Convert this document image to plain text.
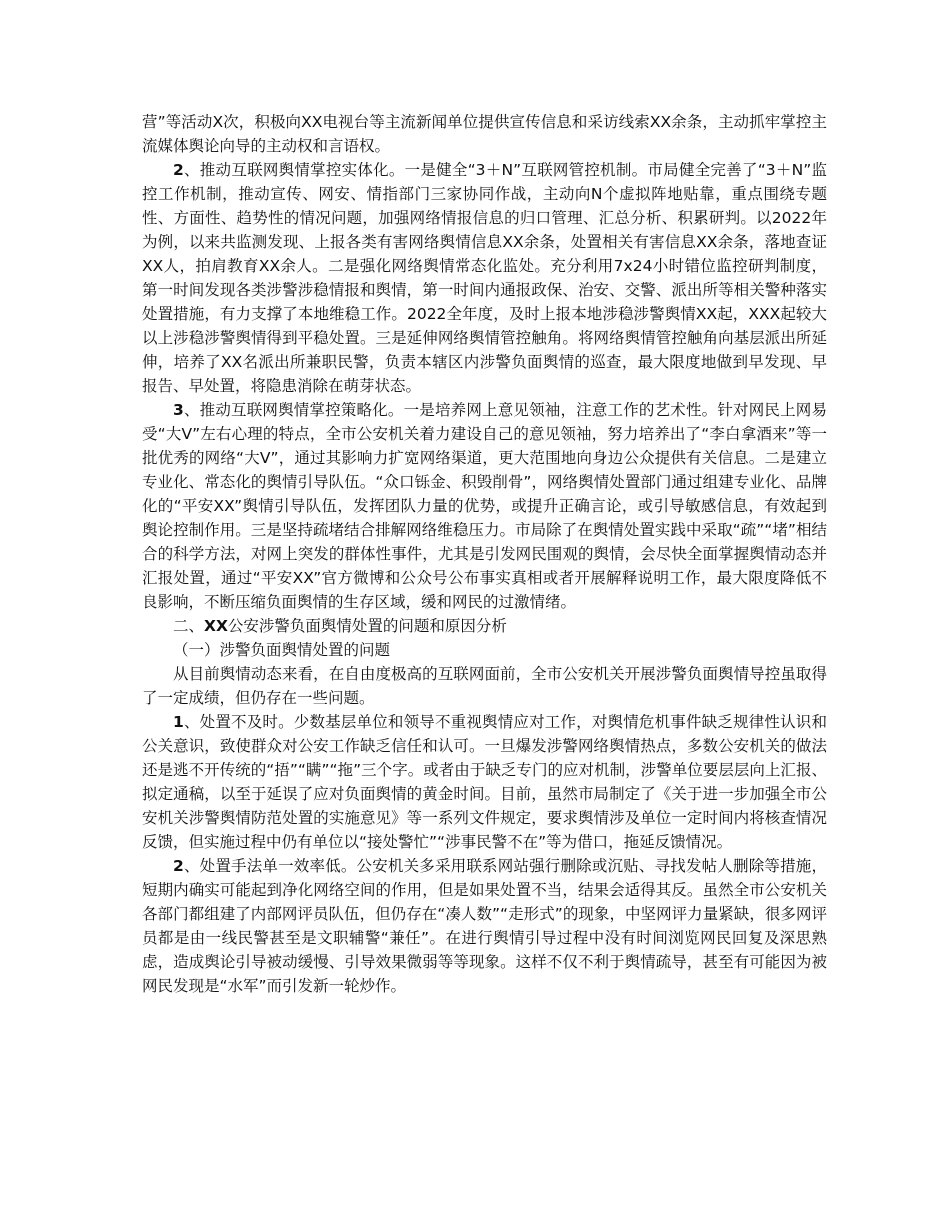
营”等活动X次，积极向XX电视台等主流新闻单位提供宣传信息和采访线索XX余条，主动抓牢掌控主流媒体舆论向导的主动权和言语权。

2、推动互联网舆情掌控实体化。一是健全“3＋N”互联网管控机制。市局健全完善了“3＋N”监控工作机制，推动宣传、网安、情指部门三家协同作战，主动向N个虚拟阵地贴靠，重点围绕专题性、方面性、趋势性的情况问题，加强网络情报信息的归口管理、汇总分析、积累研判。以2022年为例，以来共监测发现、上报各类有害网络舆情信息XX余条，处置相关有害信息XX余条，落地查证XX人，拍肩教育XX余人。二是强化网络舆情常态化监处。充分利用7x24小时错位监控研判制度，第一时间发现各类涉警涉稳情报和舆情，第一时间内通报政保、治安、交警、派出所等相关警种落实处置措施，有力支撑了本地维稳工作。2022全年度，及时上报本地涉稳涉警舆情XX起，XXX起较大以上涉稳涉警舆情得到平稳处置。三是延伸网络舆情管控触角。将网络舆情管控触角向基层派出所延伸，培养了XX名派出所兼职民警，负责本辖区内涉警负面舆情的巡查，最大限度地做到早发现、早报告、早处置，将隐患消除在萌芽状态。

3、推动互联网舆情掌控策略化。一是培养网上意见领袖，注意工作的艺术性。针对网民上网易受“大V”左右心理的特点，全市公安机关着力建设自己的意见领袖，努力培养出了“李白拿酒来”等一批优秀的网络“大V”，通过其影响力扩宽网络渠道，更大范围地向身边公众提供有关信息。二是建立专业化、常态化的舆情引导队伍。“众口铄金、积毁削骨”，网络舆情处置部门通过组建专业化、品牌化的“平安XX”舆情引导队伍，发挥团队力量的优势，或提升正确言论，或引导敏感信息，有效起到舆论控制作用。三是坚持疏堵结合排解网络维稳压力。市局除了在舆情处置实践中采取“疏”“堵”相结合的科学方法，对网上突发的群体性事件，尤其是引发网民围观的舆情，会尽快全面掌握舆情动态并汇报处置，通过“平安XX”官方微博和公众号公布事实真相或者开展解释说明工作，最大限度降低不良影响，不断压缩负面舆情的生存区域，缓和网民的过激情绪。

二、XX公安涉警负面舆情处置的问题和原因分析

（一）涉警负面舆情处置的问题

从目前舆情动态来看，在自由度极高的互联网面前，全市公安机关开展涉警负面舆情导控虽取得了一定成绩，但仍存在一些问题。

1、处置不及时。少数基层单位和领导不重视舆情应对工作，对舆情危机事件缺乏规律性认识和公关意识，致使群众对公安工作缺乏信任和认可。一旦爆发涉警网络舆情热点，多数公安机关的做法还是逃不开传统的“捂”“瞒”“拖”三个字。或者由于缺乏专门的应对机制，涉警单位要层层向上汇报、拟定通稿，以至于延误了应对负面舆情的黄金时间。目前，虽然市局制定了《关于进一步加强全市公安机关涉警舆情防范处置的实施意见》等一系列文件规定，要求舆情涉及单位一定时间内将核查情况反馈，但实施过程中仍有单位以“接处警忙”“涉事民警不在”等为借口，拖延反馈情况。

2、处置手法单一效率低。公安机关多采用联系网站强行删除或沉贴、寻找发帖人删除等措施，短期内确实可能起到净化网络空间的作用，但是如果处置不当，结果会适得其反。虽然全市公安机关各部门都组建了内部网评员队伍，但仍存在“凑人数”“走形式”的现象，中坚网评力量紧缺，很多网评员都是由一线民警甚至是文职辅警“兼任”。在进行舆情引导过程中没有时间浏览网民回复及深思熟虑，造成舆论引导被动缓慢、引导效果微弱等等现象。这样不仅不利于舆情疏导，甚至有可能因为被网民发现是“水军”而引发新一轮炒作。
